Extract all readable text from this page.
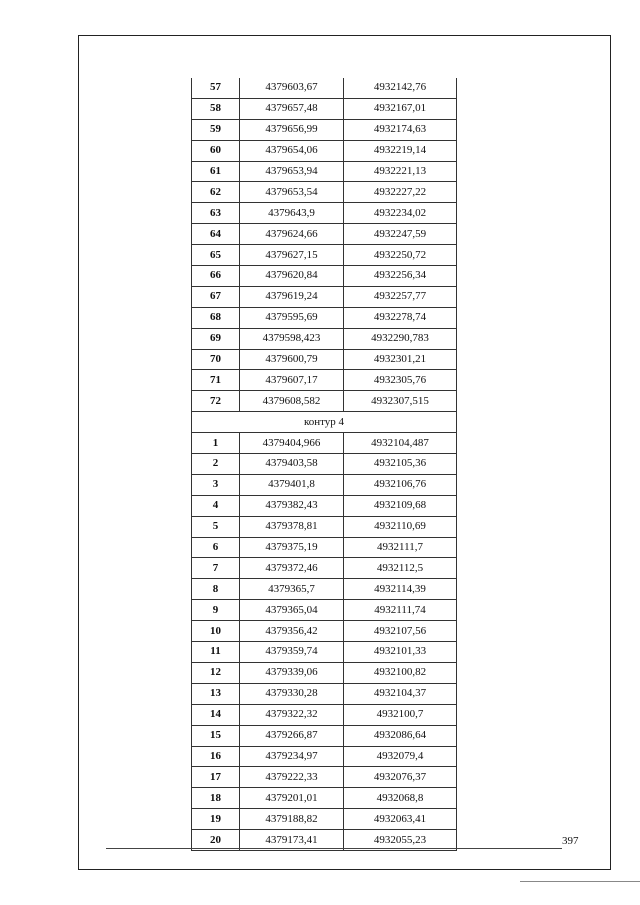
57	4379603,67	4932142,76
58	4379657,48	4932167,01
59	4379656,99	4932174,63
60	4379654,06	4932219,14
61	4379653,94	4932221,13
62	4379653,54	4932227,22
63	4379643,9	4932234,02
64	4379624,66	4932247,59
65	4379627,15	4932250,72
66	4379620,84	4932256,34
67	4379619,24	4932257,77
68	4379595,69	4932278,74
69	4379598,423	4932290,783
70	4379600,79	4932301,21
71	4379607,17	4932305,76
72	4379608,582	4932307,515
контур 4		
1	4379404,966	4932104,487
2	4379403,58	4932105,36
3	4379401,8	4932106,76
4	4379382,43	4932109,68
5	4379378,81	4932110,69
6	4379375,19	4932111,7
7	4379372,46	4932112,5
8	4379365,7	4932114,39
9	4379365,04	4932111,74
10	4379356,42	4932107,56
11	4379359,74	4932101,33
12	4379339,06	4932100,82
13	4379330,28	4932104,37
14	4379322,32	4932100,7
15	4379266,87	4932086,64
16	4379234,97	4932079,4
17	4379222,33	4932076,37
18	4379201,01	4932068,8
19	4379188,82	4932063,41
20	4379173,41	4932055,23	397
